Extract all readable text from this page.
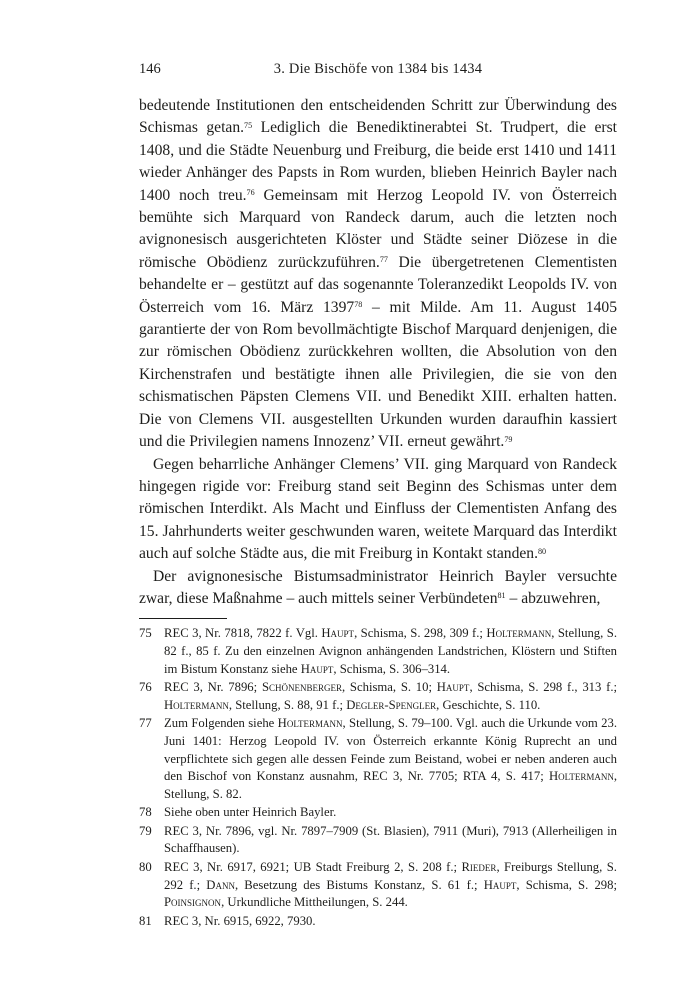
146	3. Die Bischöfe von 1384 bis 1434

bedeutende Institutionen den entscheidenden Schritt zur Überwindung des Schismas getan.$^{75}$ Lediglich die Benediktinerabtei St. Trudpert, die erst 1408, und die Städte Neuenburg und Freiburg, die beide erst 1410 und 1411 wieder Anhänger des Papsts in Rom wurden, blieben Heinrich Bayler nach 1400 noch treu.$^{76}$ Gemeinsam mit Herzog Leopold IV. von Österreich bemühte sich Marquard von Randeck darum, auch die letzten noch avignonesisch ausgerichteten Klöster und Städte seiner Diözese in die römische Obödienz zurückzuführen.$^{77}$ Die übergetretenen Clementisten behandelte er – gestützt auf das sogenannte Toleranzedikt Leopolds IV. von Österreich vom 16. März 1397$^{78}$ – mit Milde. Am 11. August 1405 garantierte der von Rom bevollmächtigte Bischof Marquard denjenigen, die zur römischen Obödienz zurückkehren wollten, die Absolution von den Kirchenstrafen und bestätigte ihnen alle Privilegien, die sie von den schismatischen Päpsten Clemens VII. und Benedikt XIII. erhalten hatten. Die von Clemens VII. ausgestellten Urkunden wurden daraufhin kassiert und die Privilegien namens Innozenz’ VII. erneut gewährt.$^{79}$

Gegen beharrliche Anhänger Clemens’ VII. ging Marquard von Randeck hingegen rigide vor: Freiburg stand seit Beginn des Schismas unter dem römischen Interdikt. Als Macht und Einfluss der Clementisten Anfang des 15. Jahrhunderts weiter geschwunden waren, weitete Marquard das Interdikt auch auf solche Städte aus, die mit Freiburg in Kontakt standen.$^{80}$

Der avignonesische Bistumsadministrator Heinrich Bayler versuchte zwar, diese Maßnahme – auch mittels seiner Verbündeten$^{81}$ – abzuwehren,

75 REC 3, Nr. 7818, 7822 f. Vgl. Haupt, Schisma, S. 298, 309 f.; Holtermann, Stellung, S. 82 f., 85 f. Zu den einzelnen Avignon anhängenden Landstrichen, Klöstern und Stiften im Bistum Konstanz siehe Haupt, Schisma, S. 306–314.
76 REC 3, Nr. 7896; Schönenberger, Schisma, S. 10; Haupt, Schisma, S. 298 f., 313 f.; Holtermann, Stellung, S. 88, 91 f.; Degler-Spengler, Geschichte, S. 110.
77 Zum Folgenden siehe Holtermann, Stellung, S. 79–100. Vgl. auch die Urkunde vom 23. Juni 1401: Herzog Leopold IV. von Österreich erkannte König Ruprecht an und verpflichtete sich gegen alle dessen Feinde zum Beistand, wobei er neben anderen auch den Bischof von Konstanz ausnahm, REC 3, Nr. 7705; RTA 4, S. 417; Holtermann, Stellung, S. 82.
78 Siehe oben unter Heinrich Bayler.
79 REC 3, Nr. 7896, vgl. Nr. 7897–7909 (St. Blasien), 7911 (Muri), 7913 (Allerheiligen in Schaffhausen).
80 REC 3, Nr. 6917, 6921; UB Stadt Freiburg 2, S. 208 f.; Rieder, Freiburgs Stellung, S. 292 f.; Dann, Besetzung des Bistums Konstanz, S. 61 f.; Haupt, Schisma, S. 298; Poinsignon, Urkundliche Mittheilungen, S. 244.
81 REC 3, Nr. 6915, 6922, 7930.
